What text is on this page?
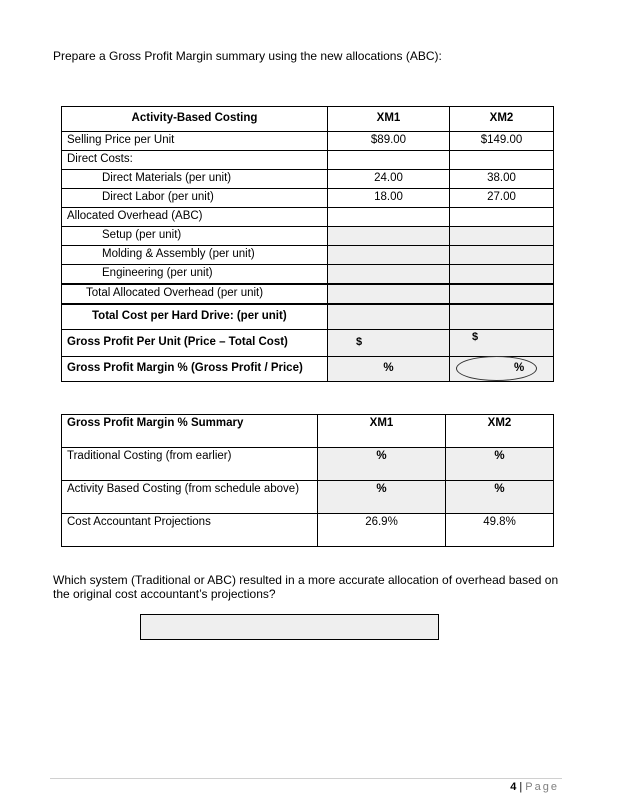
Prepare a Gross Profit Margin summary using the new allocations (ABC):
Activity-Based Costing	XM1	XM2
Selling Price per Unit	$89.00	$149.00
Direct Costs:		
Direct Materials (per unit)	24.00	38.00
Direct Labor (per unit)	18.00	27.00
Allocated Overhead (ABC)		
Setup (per unit)		
Molding & Assembly (per unit)		
Engineering (per unit)		
Total Allocated Overhead (per unit)		
Total Cost per Hard Drive: (per unit)		
Gross Profit Per Unit (Price – Total Cost)	$	$
Gross Profit Margin % (Gross Profit / Price)	%	%
Gross Profit Margin % Summary	XM1	XM2
Traditional Costing (from earlier)	%	%
Activity Based Costing (from schedule above)	%	%
Cost Accountant Projections	26.9%	49.8%
Which system (Traditional or ABC) resulted in a more accurate allocation of overhead based on the original cost accountant’s projections?
4 | Page
